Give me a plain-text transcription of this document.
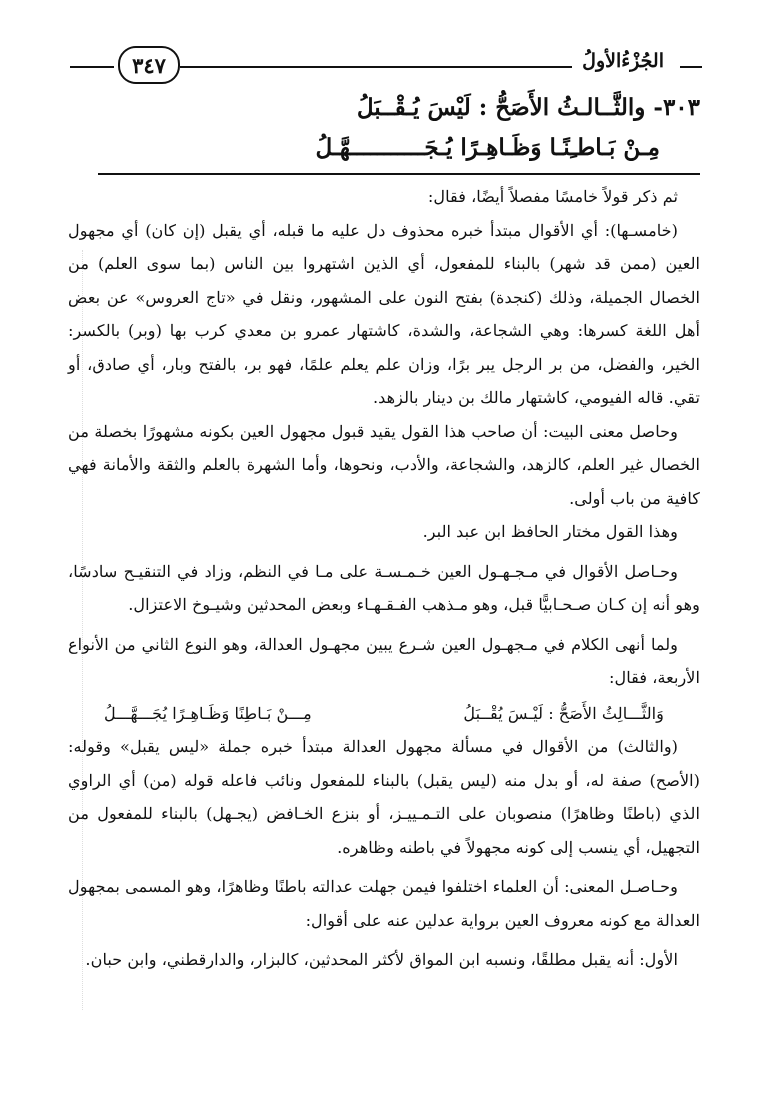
الجُزْءُالأولُ
٣٤٧
٣٠٣- والثَّــالـثُ الأَصَحُّ : لَيْسَ يُـقْــبَلُ
مِـنْ بَـاطـِنًـا وَظَـاهِـرًا يُـجَـــــــــــهَّـلُ

ثم ذكر قولاً خامسًا مفصلاً أيضًا، فقال:

(خامسـها): أي الأقوال مبتدأ خبره محذوف دل عليه ما قبله، أي يقبل (إن كان) أي مجهول العين (ممن قد شهر) بالبناء للمفعول، أي الذين اشتهروا بين الناس (بما سوى العلم) من الخصال الجميلة، وذلك (كنجدة) بفتح النون على المشهور، ونقل في «تاج العروس» عن بعض أهل اللغة كسرها: وهي الشجاعة، والشدة، كاشتهار عمرو بن معدي كرب بها (وبر) بالكسر: الخير، والفضل، من بر الرجل يبر برًا، وزان علم يعلم علمًا، فهو بر، بالفتح وبار، أي صادق، أو تقي. قاله الفيومي، كاشتهار مالك بن دينار بالزهد.

وحاصل معنى البيت: أن صاحب هذا القول يقيد قبول مجهول العين بكونه مشهورًا بخصلة من الخصال غير العلم، كالزهد، والشجاعة، والأدب، ونحوها، وأما الشهرة بالعلم والثقة والأمانة فهي كافية من باب أولى.

وهذا القول مختار الحافظ ابن عبد البر.

وحـاصل الأقوال في مـجـهـول العين خـمـسـة على مـا في النظم، وزاد في التنقيـح سادسًا، وهو أنه إن كـان صـحـابيًّا قبل، وهو مـذهب الفـقـهـاء وبعض المحدثين وشيـوخ الاعتزال.

ولما أنهى الكلام في مـجهـول العين شـرع يبين مجهـول العدالة، وهو النوع الثاني من الأنواع الأربعة، فقال:

وَالثَّـــالِثُ الأَصَحُّ : لَيْـسَ يُقْــبَلُ
مِـــنْ بَـاطِنًا وَظَـاهِـرًا يُجَـــهَّـــلُ

(والثالث) من الأقوال في مسألة مجهول العدالة مبتدأ خبره جملة «ليس يقبل» وقوله: (الأصح) صفة له، أو بدل منه (ليس يقبل) بالبناء للمفعول ونائب فاعله قوله (من) أي الراوي الذي (باطنًا وظاهرًا) منصوبان على التـمـييـز، أو بنزع الخـافض (يجـهل) بالبناء للمفعول من التجهيل، أي ينسب إلى كونه مجهولاً في باطنه وظاهره.

وحـاصـل المعنى: أن العلماء اختلفوا فيمن جهلت عدالته باطنًا وظاهرًا، وهو المسمى بمجهول العدالة مع كونه معروف العين برواية عدلين عنه على أقوال:

الأول: أنه يقبل مطلقًا، ونسبه ابن المواق لأكثر المحدثين، كالبزار، والدارقطني، وابن حبان.
